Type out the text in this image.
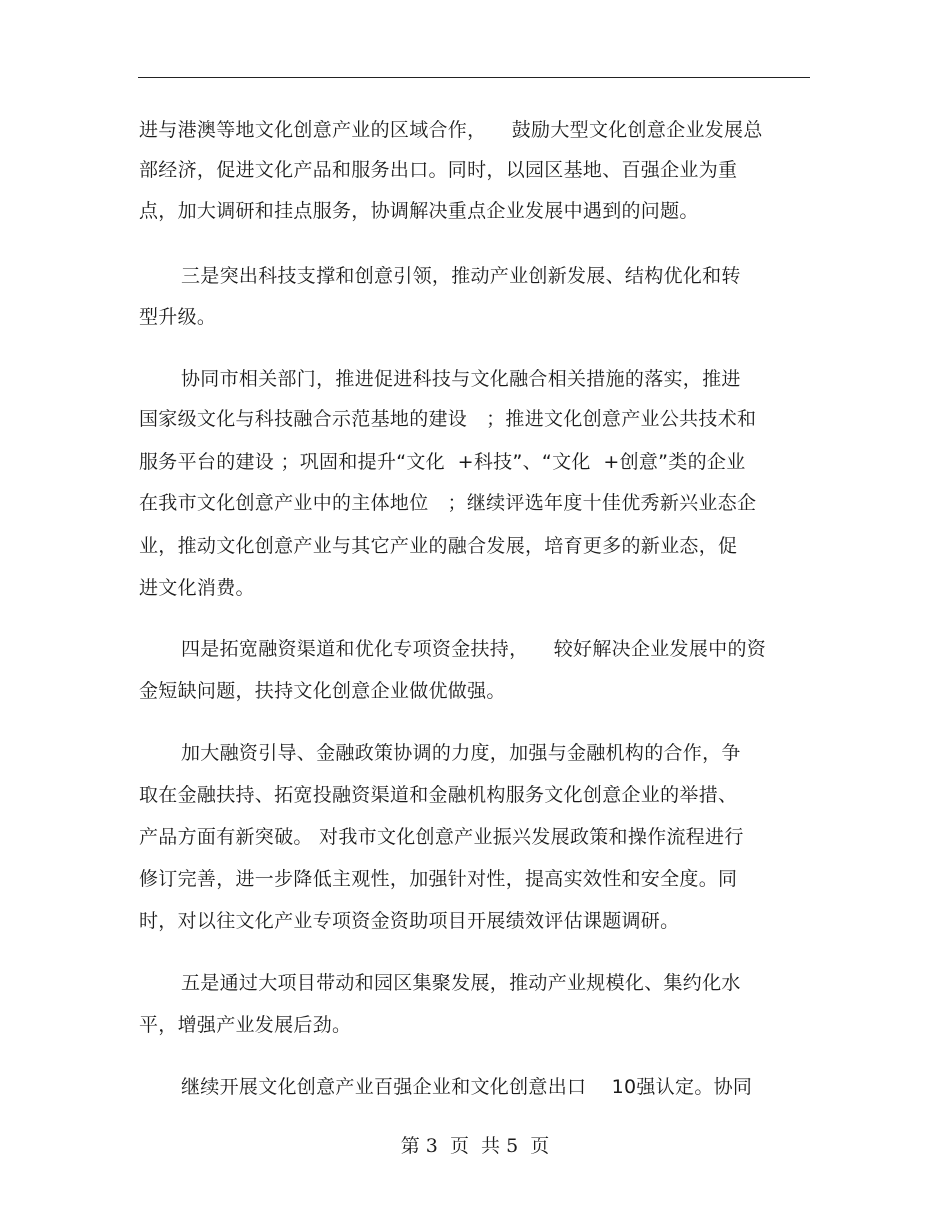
进与港澳等地文化创意产业的区域合作，    鼓励大型文化创意企业发展总
部经济，促进文化产品和服务出口。同时，以园区基地、百强企业为重
点，加大调研和挂点服务，协调解决重点企业发展中遇到的问题。
三是突出科技支撑和创意引领，推动产业创新发展、结构优化和转
型升级。
协同市相关部门，推进促进科技与文化融合相关措施的落实，推进
国家级文化与科技融合示范基地的建设   ；推进文化创意产业公共技术和
服务平台的建设 ；巩固和提升“文化  +科技”、“文化  +创意”类的企业
在我市文化创意产业中的主体地位   ；继续评选年度十佳优秀新兴业态企
业，推动文化创意产业与其它产业的融合发展，培育更多的新业态，促
进文化消费。
四是拓宽融资渠道和优化专项资金扶持，    较好解决企业发展中的资
金短缺问题，扶持文化创意企业做优做强。
加大融资引导、金融政策协调的力度，加强与金融机构的合作，争
取在金融扶持、拓宽投融资渠道和金融机构服务文化创意企业的举措、
产品方面有新突破。 对我市文化创意产业振兴发展政策和操作流程进行
修订完善，进一步降低主观性，加强针对性，提高实效性和安全度。同
时，对以往文化产业专项资金资助项目开展绩效评估课题调研。
五是通过大项目带动和园区集聚发展，推动产业规模化、集约化水
平，增强产业发展后劲。
继续开展文化创意产业百强企业和文化创意出口    10强认定。协同
第 3  页  共 5  页
